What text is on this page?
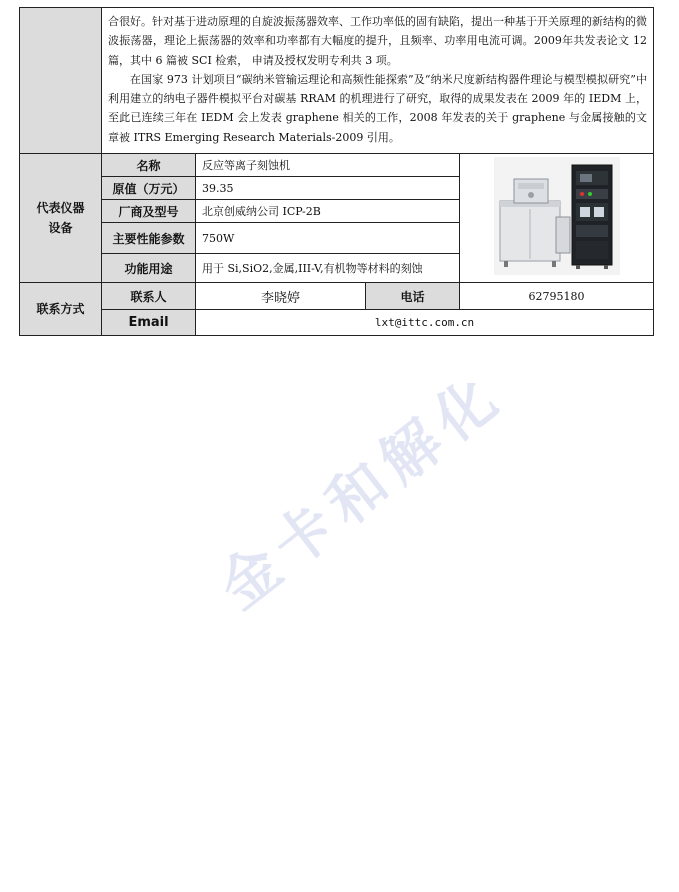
金卡和解化

	合很好。针对基于进动原理的自旋波振荡器效率、工作功率低的固有缺陷，提出一种基于开关原理的新结构的微波振荡器，理论上振荡器的效率和功率都有大幅度的提升，且频率、功率用电流可调。2009年共发表论文 12 篇，其中 6 篇被 SCI 检索， 申请及授权发明专利共 3 项。

在国家 973 计划项目“碳纳米管输运理论和高频性能探索”及“纳米尺度新结构器件理论与模型模拟研究”中利用建立的纳电子器件模拟平台对碳基 RRAM 的机理进行了研究，取得的成果发表在 2009 年的 IEDM 上，至此已连续三年在 IEDM 会上发表 graphene 相关的工作，2008 年发表的关于 graphene 与金属接触的文章被 ITRS Emerging Research Materials-2009 引用。			

代表仪器
设备	名称	反应等离子刻蚀机	
	原值（万元）	39.35		
	厂商及型号	北京创威纳公司 ICP-2B		
	主要性能参数	750W		
	功能用途	用于 Si,SiO2,金属,III-V,有机物等材料的刻蚀		
联系方式	联系人	李晓婷	电话	62795180
	Email	lxt@ittc.com.cn		
